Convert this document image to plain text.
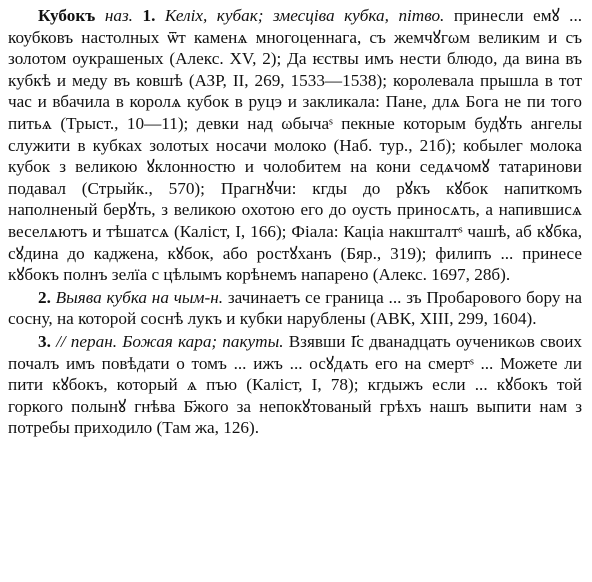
Кубокъ наз. 1. Келіх, кубак; змесціва кубка, пітво. принесли емꙋ ... коубковъ настолных ѿт каменѧ многоценнага, съ жемчꙋгωм великим и съ золотом оукрашеных (Алекс. XV, 2); Да ѥствы имъ нести блюдо, да вина въ кубкѣ и меду въ ковшѣ (АЗР, II, 269, 1533—1538); королевала прышла в тот час и вбачила в королѧ кубок в руцэ и закликала: Пане, длѧ Бога не пи того питьѧ (Трыст., 10—11); девки над ωбычаˢ пекные которым будꙋть ангелы служити в кубках золотых носачи молоко (Наб. тур., 21б); кобылег молока кубок з великою ꙋклонностю и чолобитем на кони седѧчомꙋ татаринови подавал (Стрыйк., 570); Прагнꙋчи: кгды до рꙋкъ кꙋбок напиткомъ наполненый берꙋть, з великою охотою его до оусть приносѧть, а напившисѧ веселѧютъ и тѣшатсѧ (Каліст, I, 166); Фіала: Каціа накшталтˢ чашѣ, аб кꙋбка, сꙋдина до каджена, кꙋбок, або ростꙋханъ (Бяр., 319); филипъ ... принесе кꙋбокъ полнъ зелїа с цѣлымъ корѣнемъ напарено (Алекс. 1697, 28б).

2. Выява кубка на чым-н. зачинаетъ се граница ... зъ Пробарового бору на сосну, на которой соснѣ лукъ и кубки нарублены (АВК, XIII, 299, 1604).

3. // перан. Божая кара; пакуты. Взявши І҃с дванадцать оученикωв своих почалъ имъ повѣдати о томъ ... ижъ ... осꙋдѧть его на смертˢ ... Можете ли пити кꙋбокъ, который ѧ пъю (Каліст, I, 78); кгдыжъ если ... кꙋбокъ той горкого полынꙋ гнѣва Б҃жого за непокꙋтованый грѣхъ нашъ выпити нам з потребы приходило (Там жа, 126).
